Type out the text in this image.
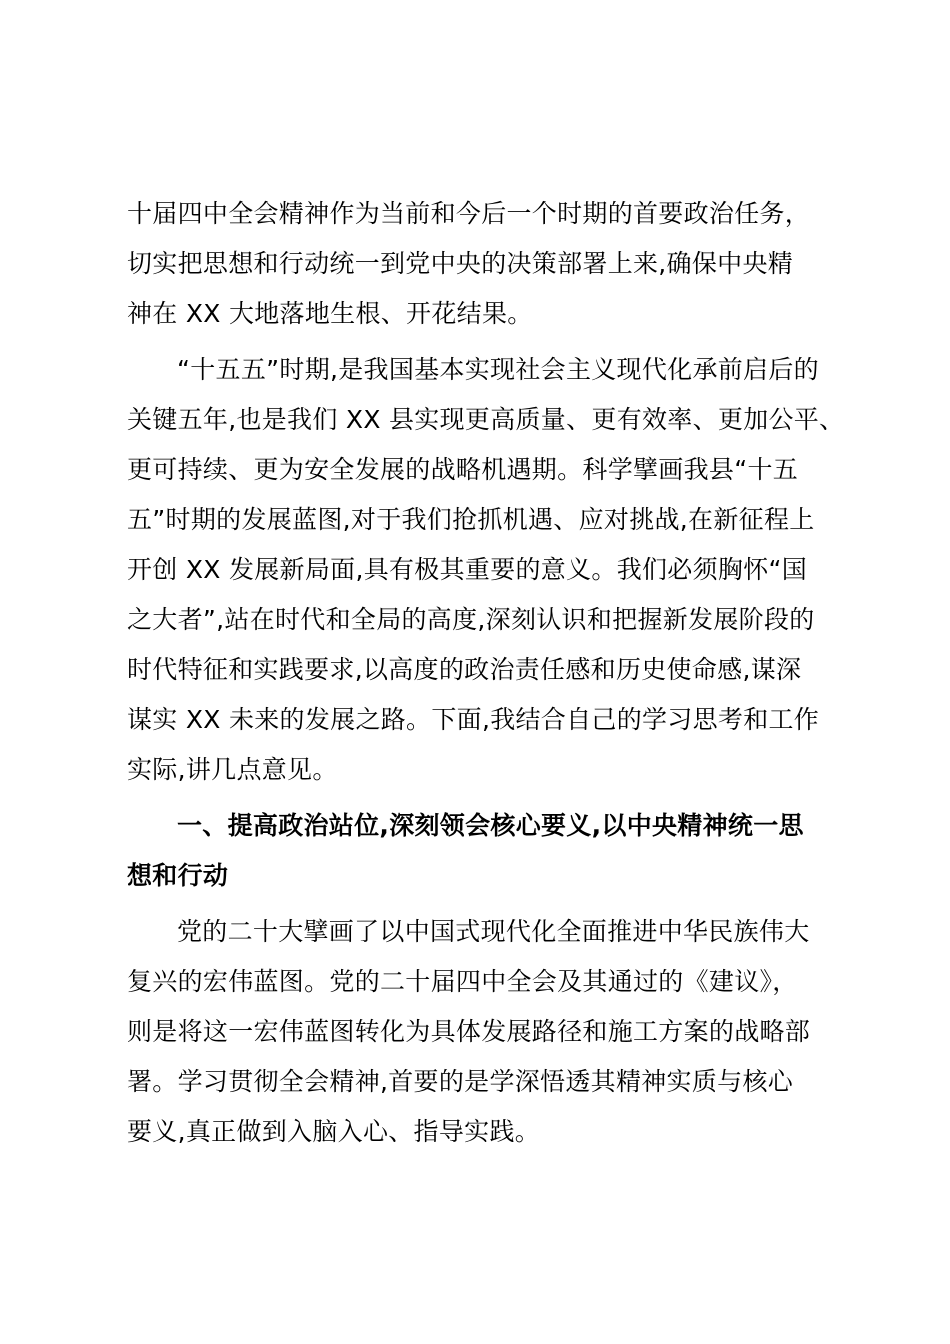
十届四中全会精神作为当前和今后一个时期的首要政治任务，
切实把思想和行动统一到党中央的决策部署上来,确保中央精
神在 XX 大地落地生根、开花结果。
“十五五”时期,是我国基本实现社会主义现代化承前启后的
关键五年,也是我们 XX 县实现更高质量、更有效率、更加公平、
更可持续、更为安全发展的战略机遇期。科学擘画我县“十五
五”时期的发展蓝图,对于我们抢抓机遇、应对挑战,在新征程上
开创 XX 发展新局面,具有极其重要的意义。我们必须胸怀“国
之大者”,站在时代和全局的高度,深刻认识和把握新发展阶段的
时代特征和实践要求,以高度的政治责任感和历史使命感,谋深
谋实 XX 未来的发展之路。下面,我结合自己的学习思考和工作
实际,讲几点意见。
一、提高政治站位,深刻领会核心要义,以中央精神统一思
想和行动
党的二十大擘画了以中国式现代化全面推进中华民族伟大
复兴的宏伟蓝图。党的二十届四中全会及其通过的《建议》，
则是将这一宏伟蓝图转化为具体发展路径和施工方案的战略部
署。学习贯彻全会精神,首要的是学深悟透其精神实质与核心
要义,真正做到入脑入心、指导实践。
